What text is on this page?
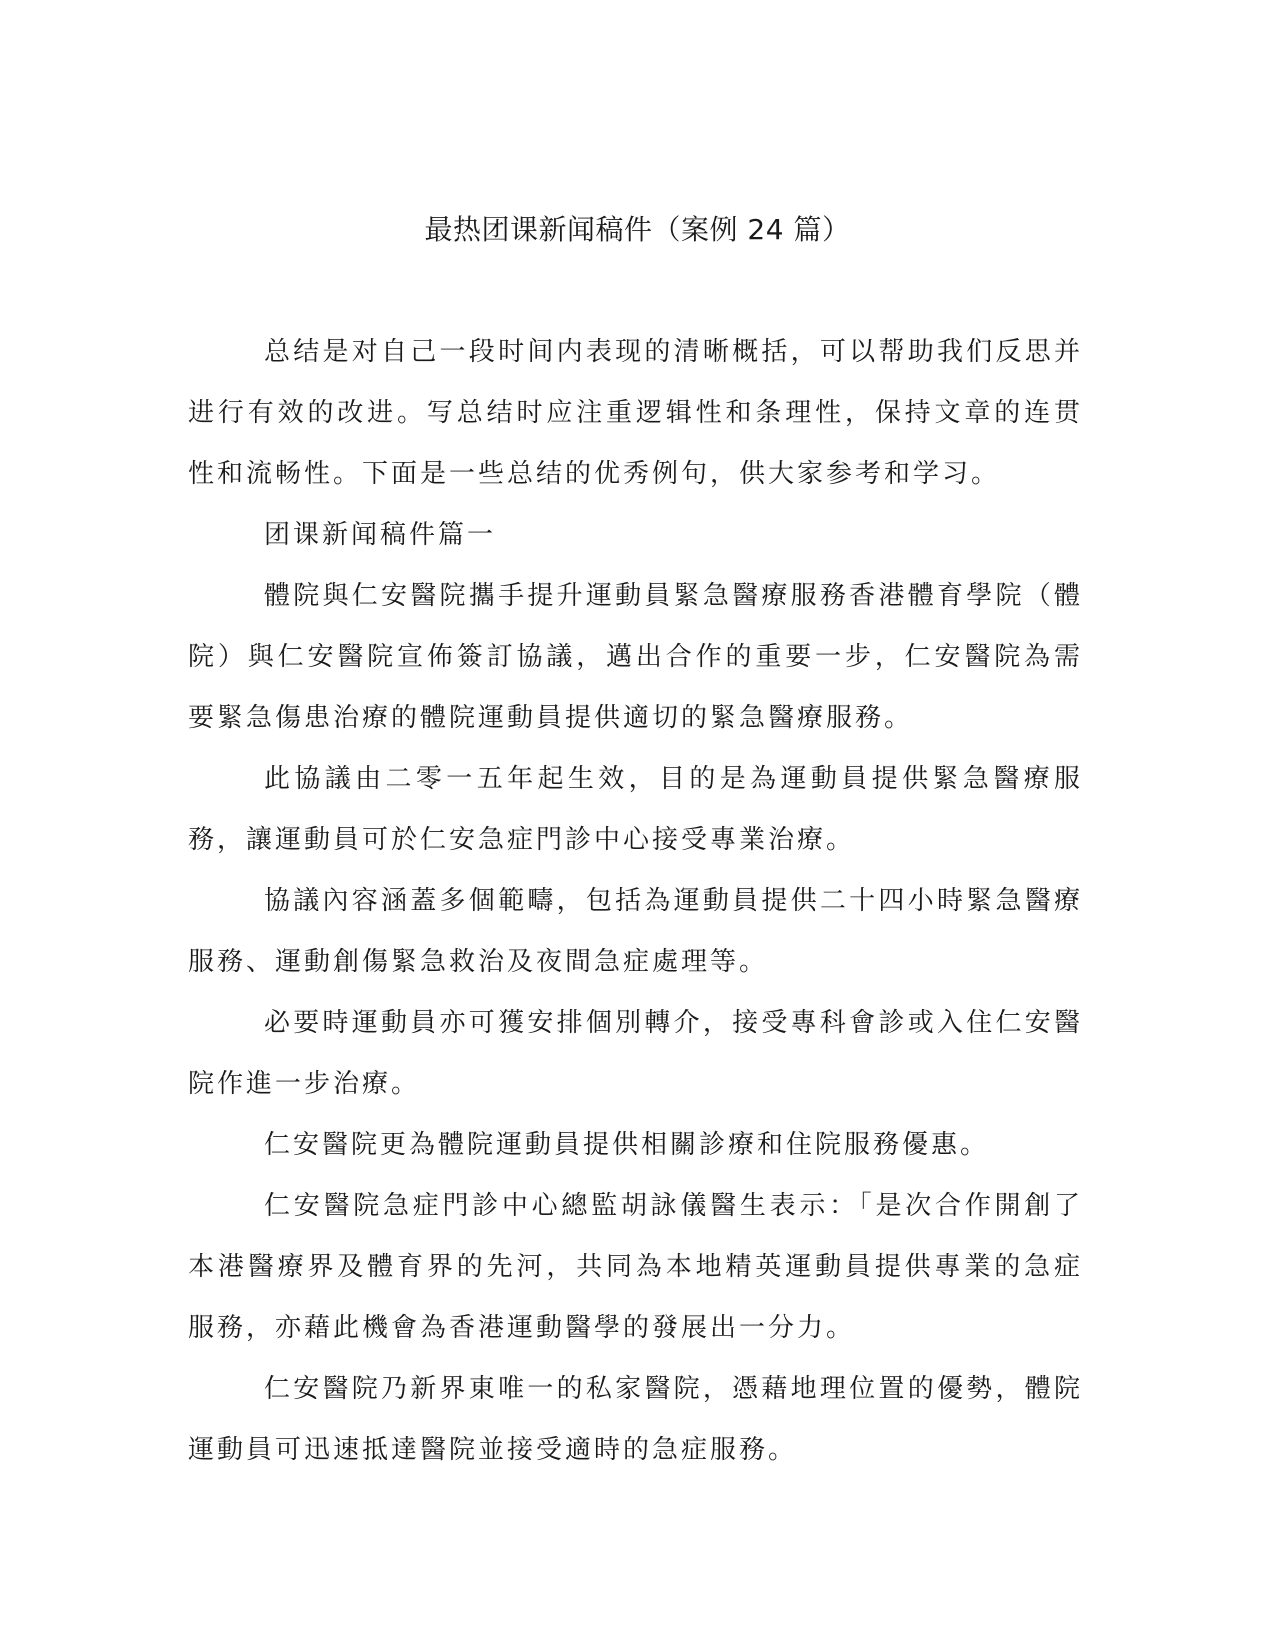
最热团课新闻稿件（案例 24 篇）

总结是对自己一段时间内表现的清晰概括，可以帮助我们反思并进行有效的改进。写总结时应注重逻辑性和条理性，保持文章的连贯性和流畅性。下面是一些总结的优秀例句，供大家参考和学习。

团课新闻稿件篇一

體院與仁安醫院攜手提升運動員緊急醫療服務香港體育學院（體院）與仁安醫院宣佈簽訂協議，邁出合作的重要一步，仁安醫院為需要緊急傷患治療的體院運動員提供適切的緊急醫療服務。

此協議由二零一五年起生效，目的是為運動員提供緊急醫療服務，讓運動員可於仁安急症門診中心接受專業治療。

協議內容涵蓋多個範疇，包括為運動員提供二十四小時緊急醫療服務、運動創傷緊急救治及夜間急症處理等。

必要時運動員亦可獲安排個別轉介，接受專科會診或入住仁安醫院作進一步治療。

仁安醫院更為體院運動員提供相關診療和住院服務優惠。

仁安醫院急症門診中心總監胡詠儀醫生表示：「是次合作開創了本港醫療界及體育界的先河，共同為本地精英運動員提供專業的急症服務，亦藉此機會為香港運動醫學的發展出一分力。

仁安醫院乃新界東唯一的私家醫院，憑藉地理位置的優勢，體院運動員可迅速抵達醫院並接受適時的急症服務。
